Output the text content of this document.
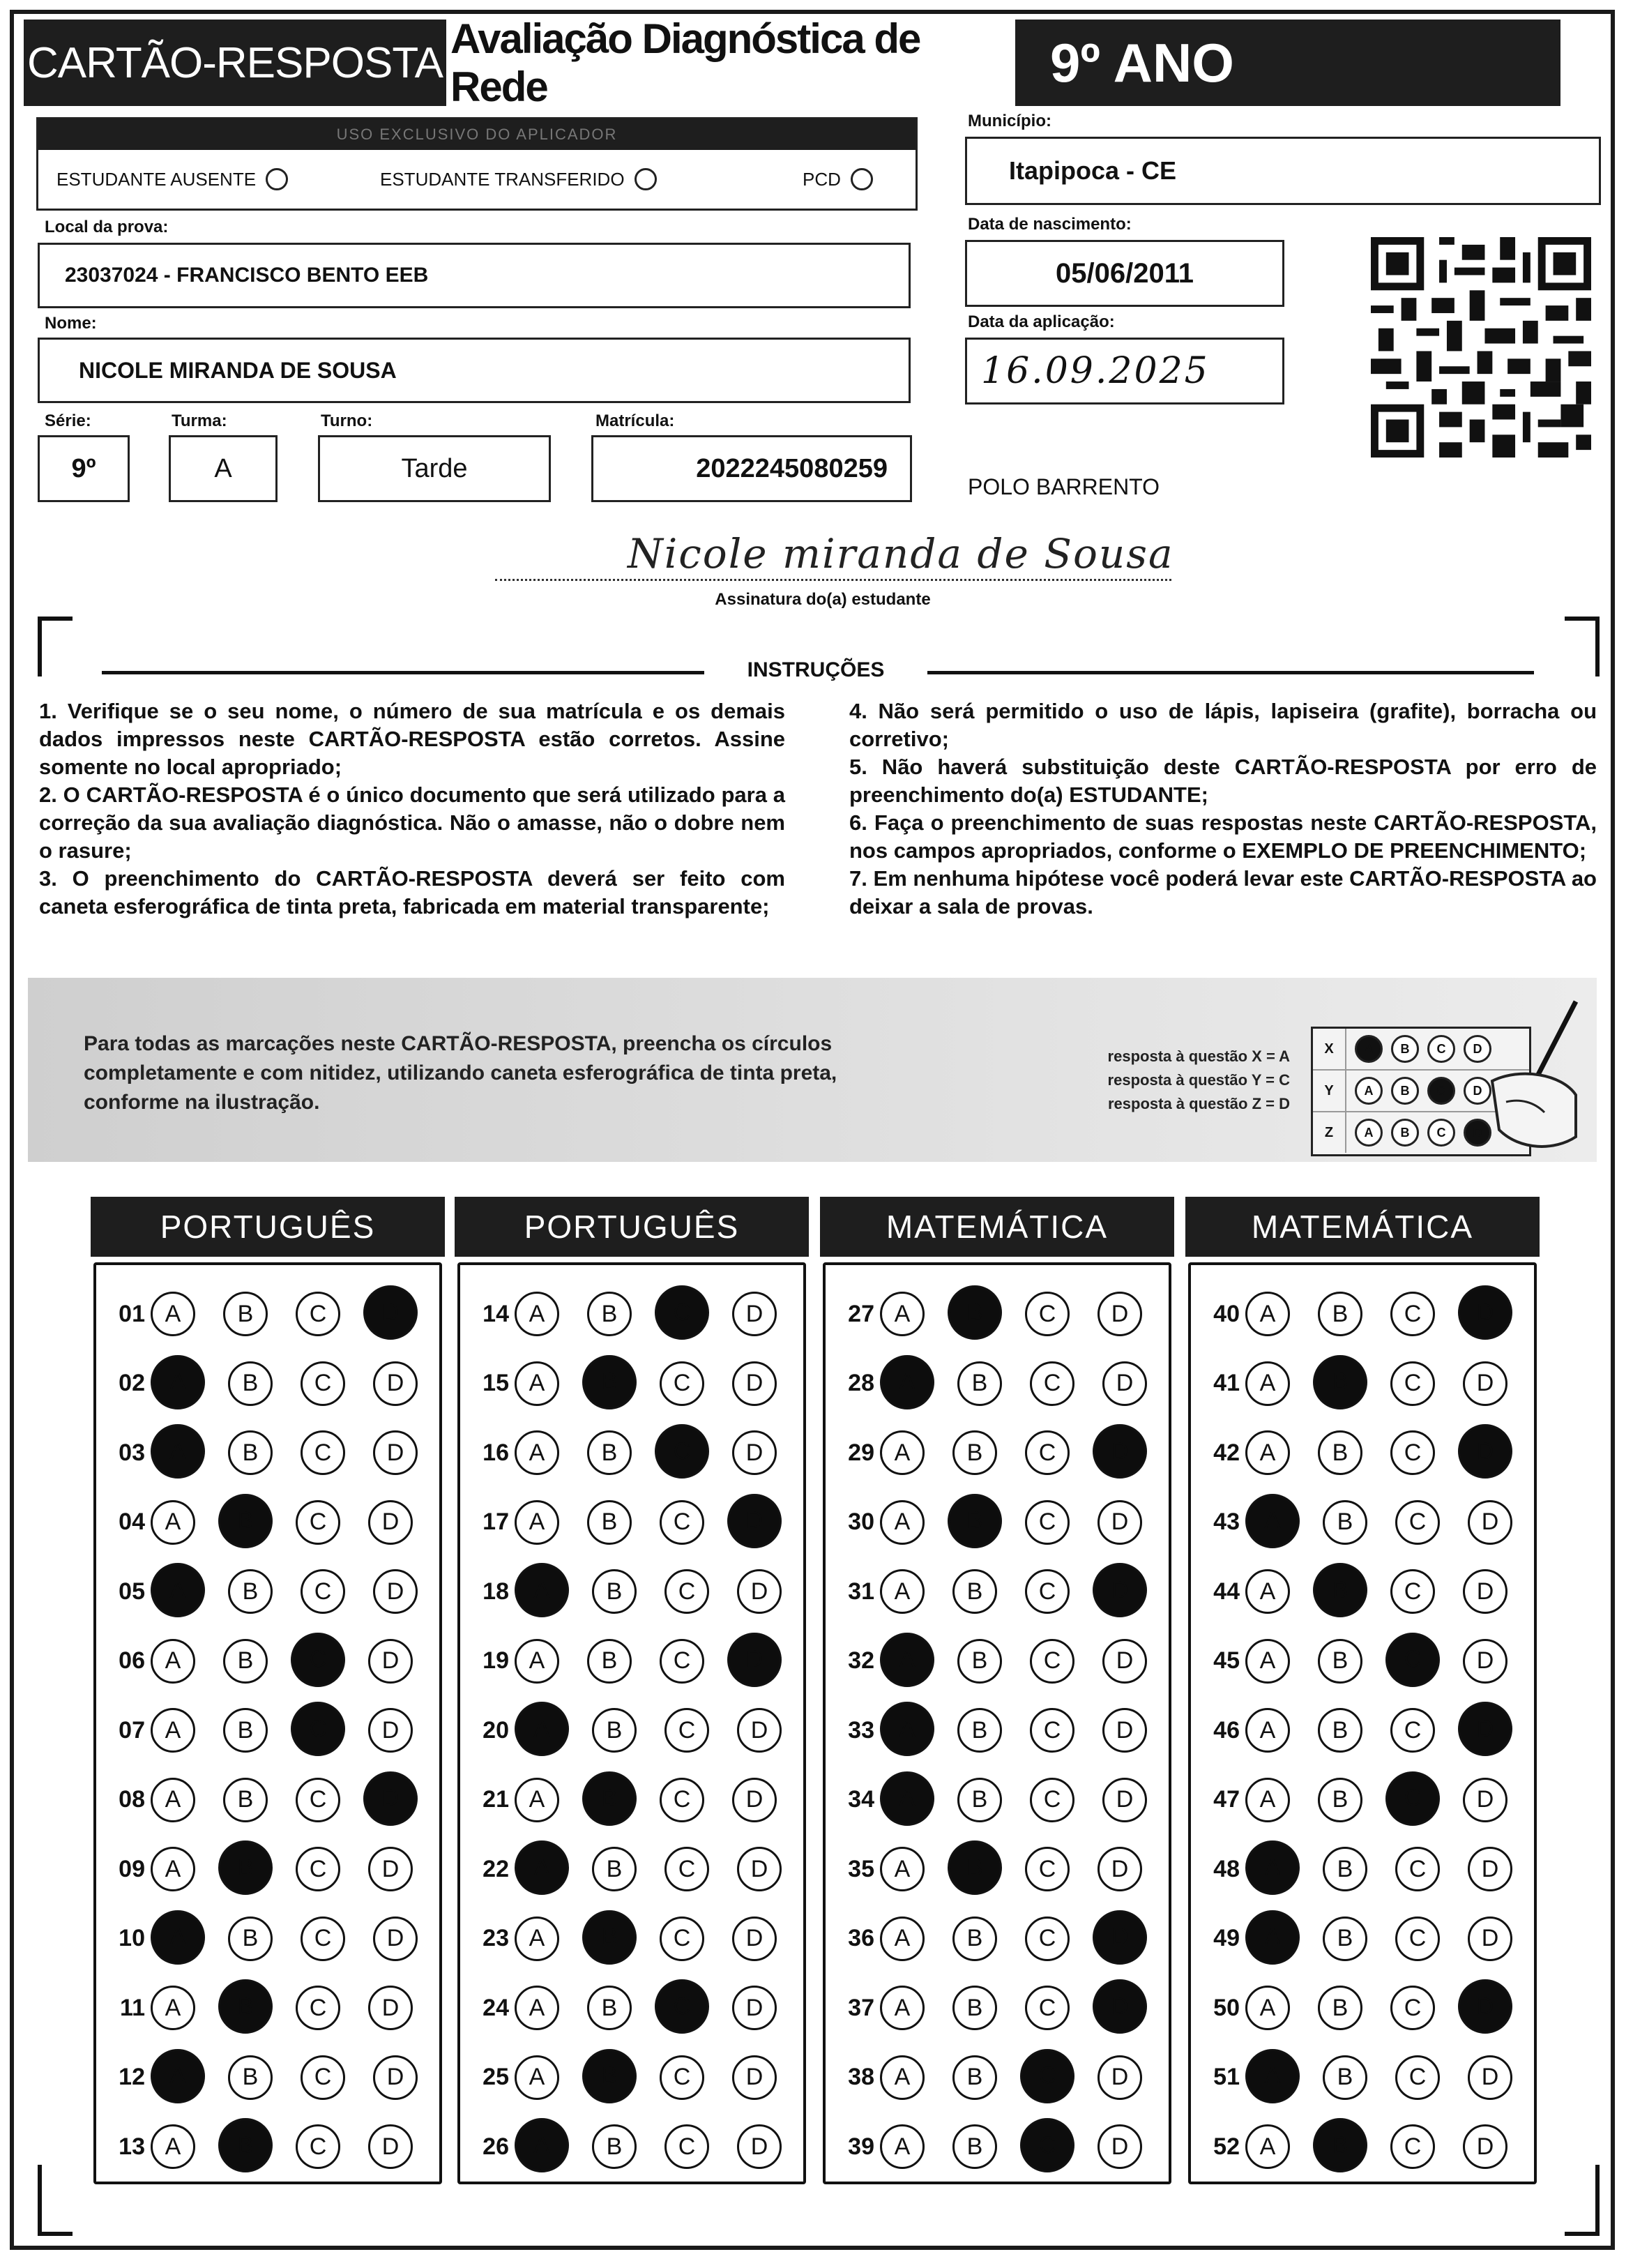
CARTÃO-RESPOSTA Avaliação Diagnóstica de Rede	9º ANO
USO EXCLUSIVO DO APLICADOR
ESTUDANTE AUSENTE	ESTUDANTE TRANSFERIDO	PCD
Município:
Itapipoca - CE
Local da prova:
23037024 - FRANCISCO BENTO EEB
Data de nascimento:
05/06/2011
Nome:
NICOLE MIRANDA DE SOUSA
Data da aplicação:
16.09.2025
Série:
9º
Turma:
A
Turno:
Tarde
Matrícula:
2022245080259
POLO BARRENTO
Nicole miranda de Sousa
Assinatura do(a) estudante
INSTRUÇÕES

1. Verifique se o seu nome, o número de sua matrícula e os demais dados impressos neste CARTÃO-RESPOSTA estão corretos. Assine somente no local apropriado;

2. O CARTÃO-RESPOSTA é o único documento que será utilizado para a correção da sua avaliação diagnóstica. Não o amasse, não o dobre nem o rasure;

3. O preenchimento do CARTÃO-RESPOSTA deverá ser feito com caneta esferográfica de tinta preta, fabricada em material transparente;

4. Não será permitido o uso de lápis, lapiseira (grafite), borracha ou corretivo;

5. Não haverá substituição deste CARTÃO-RESPOSTA por erro de preenchimento do(a) ESTUDANTE;

6. Faça o preenchimento de suas respostas neste CARTÃO-RESPOSTA, nos campos apropriados, conforme o EXEMPLO DE PREENCHIMENTO;

7. Em nenhuma hipótese você poderá levar este CARTÃO-RESPOSTA ao deixar a sala de provas.

Para todas as marcações neste CARTÃO-RESPOSTA, preencha os círculos completamente e com nitidez, utilizando caneta esferográfica de tinta preta, conforme na ilustração.
resposta à questão X = A
resposta à questão Y = C
resposta à questão Z = D
X	A	B	C	D
Y	A	B	C	D
Z	A	B	C	D
PORTUGUÊS
01 A	B	C	D
02	A	B	C	D
03	A	B	C	D
04 A	B	C	D
05	A	B	C	D
06 A	B	C	D
07 A	B	C	D
08 A	B	C	D
09 A	B	C	D
10	A	B	C	D
11 A	B	C	D
12	A	B	C	D
13 A	B	C	D
PORTUGUÊS
14 A	B	C	D
15 A	B	C	D
16 A	B	C	D
17 A	B	C	D
18	A	B	C	D
19 A	B	C	D
20	A	B	C	D
21 A	B	C	D
22	A	B	C	D
23 A	B	C	D
24 A	B	C	D
25 A	B	C	D
26	A	B	C	D
MATEMÁTICA
27 A	B	C	D
28	A	B	C	D
29 A	B	C	D
30 A	B	C	D
31 A	B	C	D
32	A	B	C	D
33	A	B	C	D
34	A	B	C	D
35 A	B	C	D
36 A	B	C	D
37 A	B	C	D
38 A	B	C	D
39 A	B	C	D
MATEMÁTICA
40 A	B	C	D
41 A	B	C	D
42 A	B	C	D
43	A	B	C	D
44 A	B	C	D
45 A	B	C	D
46 A	B	C	D
47 A	B	C	D
48	A	B	C	D
49	A	B	C	D
50 A	B	C	D
51	A	B	C	D
52 A	B	C	D
